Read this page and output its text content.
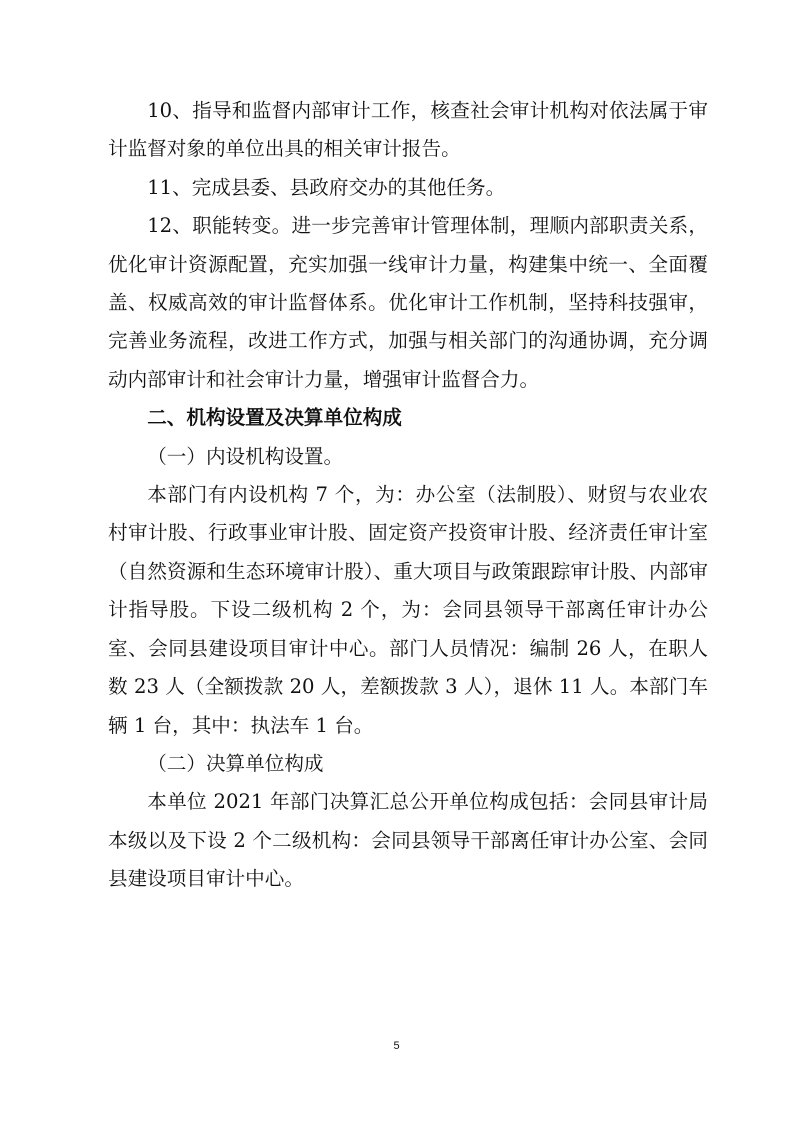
10、指导和监督内部审计工作，核查社会审计机构对依法属于审计监督对象的单位出具的相关审计报告。

11、完成县委、县政府交办的其他任务。

12、职能转变。进一步完善审计管理体制，理顺内部职责关系，优化审计资源配置，充实加强一线审计力量，构建集中统一、全面覆盖、权威高效的审计监督体系。优化审计工作机制，坚持科技强审，完善业务流程，改进工作方式，加强与相关部门的沟通协调，充分调动内部审计和社会审计力量，增强审计监督合力。

二、机构设置及决算单位构成

（一）内设机构设置。

本部门有内设机构 7 个，为：办公室（法制股）、财贸与农业农村审计股、行政事业审计股、固定资产投资审计股、经济责任审计室（自然资源和生态环境审计股）、重大项目与政策跟踪审计股、内部审计指导股。下设二级机构 2 个，为：会同县领导干部离任审计办公室、会同县建设项目审计中心。部门人员情况：编制 26 人，在职人数 23 人（全额拨款 20 人，差额拨款 3 人），退休 11 人。本部门车辆 1 台，其中：执法车 1 台。

（二）决算单位构成

本单位 2021 年部门决算汇总公开单位构成包括：会同县审计局本级以及下设 2 个二级机构：会同县领导干部离任审计办公室、会同县建设项目审计中心。

5
